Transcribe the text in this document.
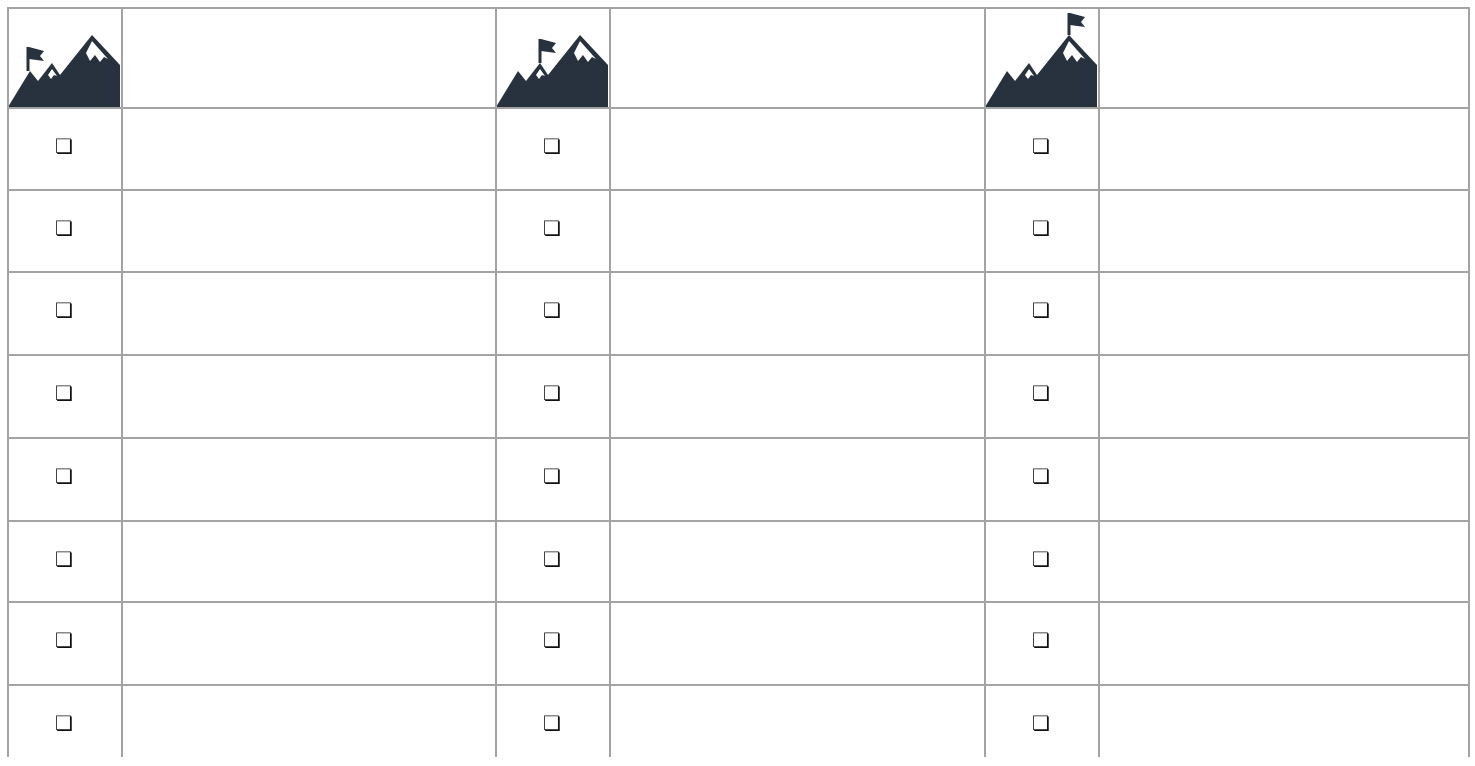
❏
❏
❏
❏
❏
❏
❏
❏
❏
❏
❏
❏
❏
❏
❏
❏
❏
❏
❏
❏
❏
❏
❏
❏
